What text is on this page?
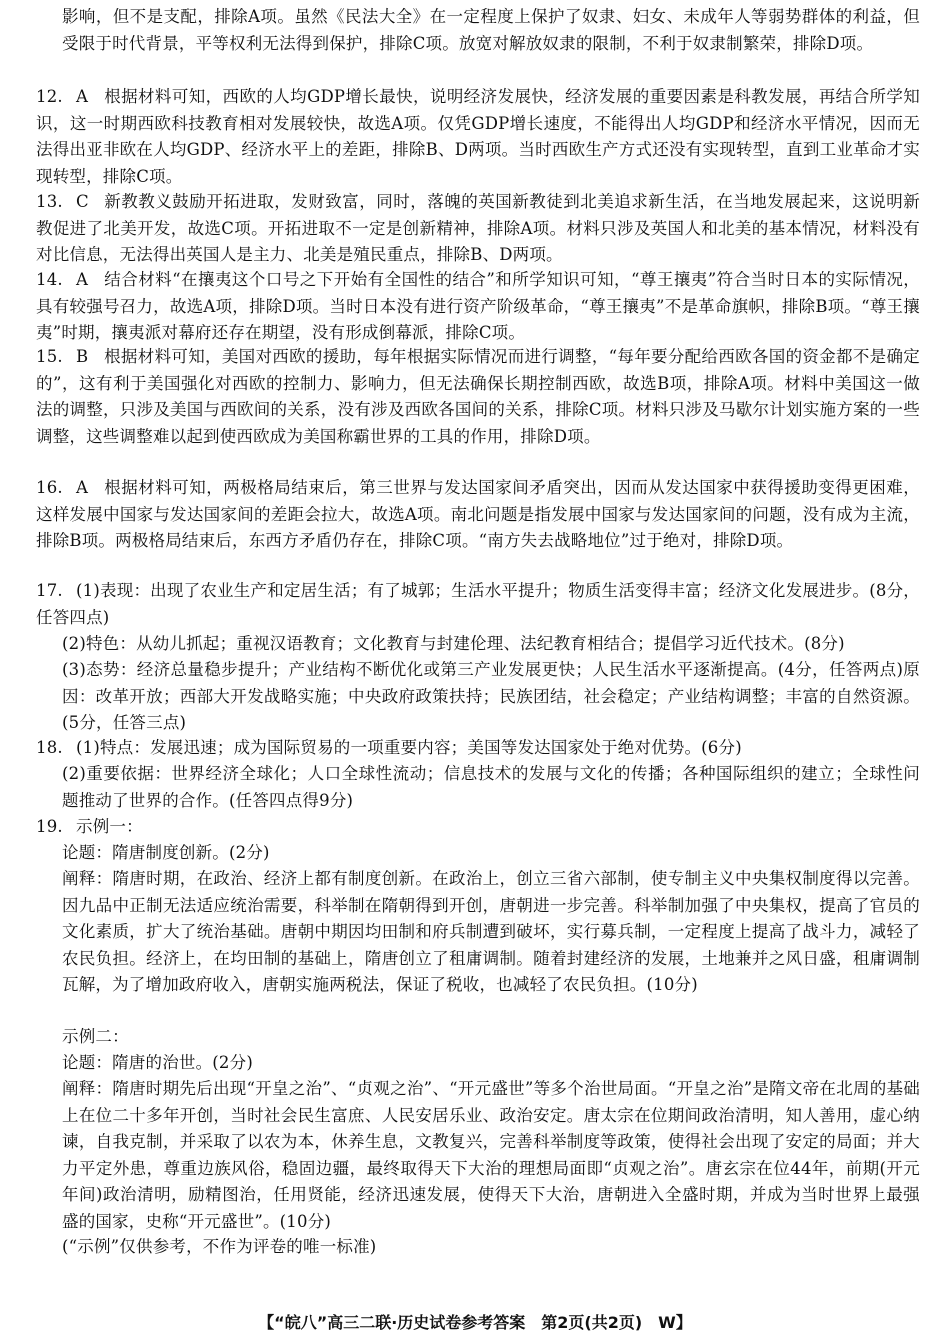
影响，但不是支配，排除A项。虽然《民法大全》在一定程度上保护了奴隶、妇女、未成年人等弱势群体的利益，但受限于时代背景，平等权利无法得到保护，排除C项。放宽对解放奴隶的限制，不利于奴隶制繁荣，排除D项。
12. A 根据材料可知，西欧的人均GDP增长最快，说明经济发展快，经济发展的重要因素是科教发展，再结合所学知识，这一时期西欧科技教育相对发展较快，故选A项。仅凭GDP增长速度，不能得出人均GDP和经济水平情况，因而无法得出亚非欧在人均GDP、经济水平上的差距，排除B、D两项。当时西欧生产方式还没有实现转型，直到工业革命才实现转型，排除C项。
13. C 新教教义鼓励开拓进取，发财致富，同时，落魄的英国新教徒到北美追求新生活，在当地发展起来，这说明新教促进了北美开发，故选C项。开拓进取不一定是创新精神，排除A项。材料只涉及英国人和北美的基本情况，材料没有对比信息，无法得出英国人是主力、北美是殖民重点，排除B、D两项。
14. A 结合材料“在攘夷这个口号之下开始有全国性的结合”和所学知识可知，“尊王攘夷”符合当时日本的实际情况，具有较强号召力，故选A项，排除D项。当时日本没有进行资产阶级革命，“尊王攘夷”不是革命旗帜，排除B项。“尊王攘夷”时期，攘夷派对幕府还存在期望，没有形成倒幕派，排除C项。
15. B 根据材料可知，美国对西欧的援助，每年根据实际情况而进行调整，“每年要分配给西欧各国的资金都不是确定的”，这有利于美国强化对西欧的控制力、影响力，但无法确保长期控制西欧，故选B项，排除A项。材料中美国这一做法的调整，只涉及美国与西欧间的关系，没有涉及西欧各国间的关系，排除C项。材料只涉及马歇尔计划实施方案的一些调整，这些调整难以起到使西欧成为美国称霸世界的工具的作用，排除D项。
16. A 根据材料可知，两极格局结束后，第三世界与发达国家间矛盾突出，因而从发达国家中获得援助变得更困难，这样发展中国家与发达国家间的差距会拉大，故选A项。南北问题是指发展中国家与发达国家间的问题，没有成为主流，排除B项。两极格局结束后，东西方矛盾仍存在，排除C项。“南方失去战略地位”过于绝对，排除D项。
17. (1)表现：出现了农业生产和定居生活；有了城郭；生活水平提升；物质生活变得丰富；经济文化发展进步。(8分，任答四点)
(2)特色：从幼儿抓起；重视汉语教育；文化教育与封建伦理、法纪教育相结合；提倡学习近代技术。(8分)
(3)态势：经济总量稳步提升；产业结构不断优化或第三产业发展更快；人民生活水平逐渐提高。(4分，任答两点)原因：改革开放；西部大开发战略实施；中央政府政策扶持；民族团结，社会稳定；产业结构调整；丰富的自然资源。(5分，任答三点)
18. (1)特点：发展迅速；成为国际贸易的一项重要内容；美国等发达国家处于绝对优势。(6分)
(2)重要依据：世界经济全球化；人口全球性流动；信息技术的发展与文化的传播；各种国际组织的建立；全球性问题推动了世界的合作。(任答四点得9分)
19. 示例一：
论题：隋唐制度创新。(2分)
阐释：隋唐时期，在政治、经济上都有制度创新。在政治上，创立三省六部制，使专制主义中央集权制度得以完善。因九品中正制无法适应统治需要，科举制在隋朝得到开创，唐朝进一步完善。科举制加强了中央集权，提高了官员的文化素质，扩大了统治基础。唐朝中期因均田制和府兵制遭到破坏，实行募兵制，一定程度上提高了战斗力，减轻了农民负担。经济上，在均田制的基础上，隋唐创立了租庸调制。随着封建经济的发展，土地兼并之风日盛，租庸调制瓦解，为了增加政府收入，唐朝实施两税法，保证了税收，也减轻了农民负担。(10分)
示例二：
论题：隋唐的治世。(2分)
阐释：隋唐时期先后出现“开皇之治”、“贞观之治”、“开元盛世”等多个治世局面。“开皇之治”是隋文帝在北周的基础上在位二十多年开创，当时社会民生富庶、人民安居乐业、政治安定。唐太宗在位期间政治清明，知人善用，虚心纳谏，自我克制，并采取了以农为本，休养生息，文教复兴，完善科举制度等政策，使得社会出现了安定的局面；并大力平定外患，尊重边族风俗，稳固边疆，最终取得天下大治的理想局面即“贞观之治”。唐玄宗在位44年，前期(开元年间)政治清明，励精图治，任用贤能，经济迅速发展，使得天下大治，唐朝进入全盛时期，并成为当时世界上最强盛的国家，史称“开元盛世”。(10分)
(“示例”仅供参考，不作为评卷的唯一标准)
【“皖八”高三二联·历史试卷参考答案　第2页(共2页)　W】
